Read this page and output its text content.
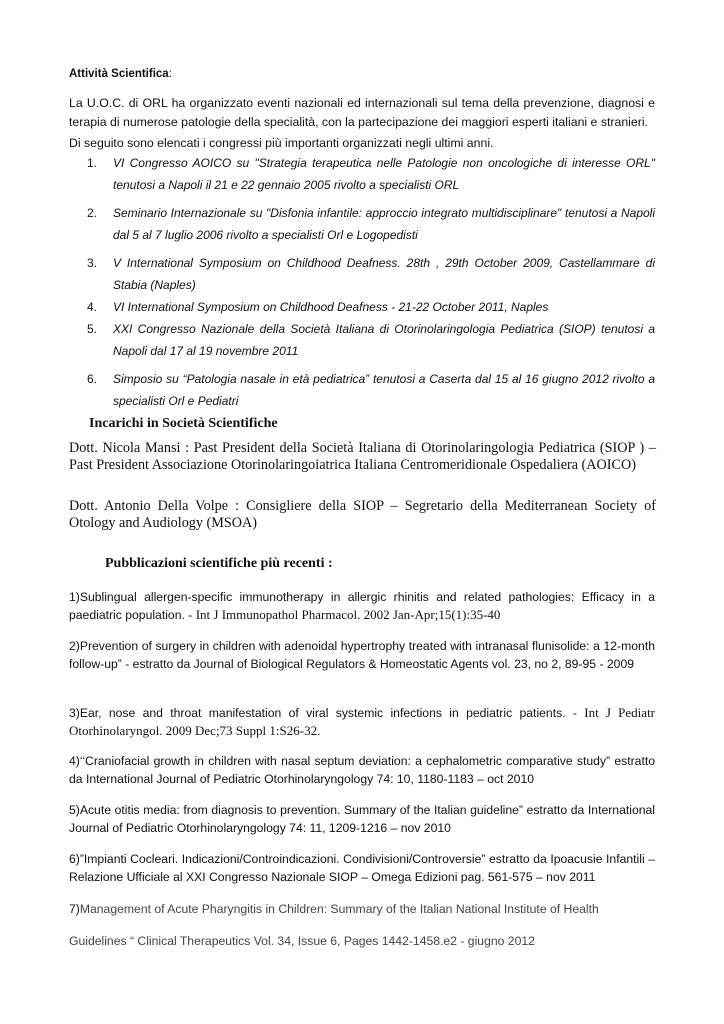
Attività Scientifica:
La U.O.C. di ORL ha organizzato eventi nazionali ed internazionali sul tema della prevenzione, diagnosi e terapia di numerose patologie della specialità, con la partecipazione dei maggiori esperti italiani e stranieri.
Di seguito sono elencati i congressi più importanti organizzati negli ultimi anni.
1. VI Congresso AOICO su "Strategia terapeutica nelle Patologie non oncologiche di interesse ORL" tenutosi a Napoli il 21 e 22 gennaio 2005 rivolto a specialisti ORL
2. Seminario Internazionale su "Disfonia infantile: approccio integrato multidisciplinare" tenutosi a Napoli dal 5 al 7 luglio 2006 rivolto a specialisti Orl e Logopedisti
3. V International Symposium on Childhood Deafness. 28th , 29th October 2009, Castellammare di Stabia (Naples)
4. VI International Symposium on Childhood Deafness - 21-22 October 2011, Naples
5. XXI Congresso Nazionale della Società Italiana di Otorinolaringologia Pediatrica (SIOP) tenutosi a Napoli dal 17 al 19 novembre 2011
6. Simposio su “Patologia nasale in età pediatrica” tenutosi a Caserta dal 15 al 16 giugno 2012 rivolto a specialisti Orl e Pediatri
Incarichi in Società Scientifiche
Dott. Nicola Mansi : Past President della Società Italiana di Otorinolaringologia Pediatrica (SIOP ) – Past President Associazione Otorinolaringoiatrica Italiana Centromeridionale Ospedaliera (AOICO)
Dott. Antonio Della Volpe : Consigliere della SIOP – Segretario della Mediterranean Society of Otology and Audiology (MSOA)
Pubblicazioni scientifiche più recenti :
1)Sublingual allergen-specific immunotherapy in allergic rhinitis and related pathologies: Efficacy in a paediatric population. - Int J Immunopathol Pharmacol. 2002 Jan-Apr;15(1):35-40
2)Prevention of surgery in children with adenoidal hypertrophy treated with intranasal flunisolide: a 12-month follow-up” - estratto da Journal of Biological Regulators & Homeostatic Agents vol. 23, no 2, 89-95 - 2009
3)Ear, nose and throat manifestation of viral systemic infections in pediatric patients. - Int J Pediatr Otorhinolaryngol. 2009 Dec;73 Suppl 1:S26-32.
4)‘‘Craniofacial growth in children with nasal septum deviation: a cephalometric comparative study” estratto da International Journal of Pediatric Otorhinolaryngology 74: 10, 1180-1183 – oct 2010
5)Acute otitis media: from diagnosis to prevention. Summary of the Italian guideline” estratto da International Journal of Pediatric Otorhinolaryngology 74: 11, 1209-1216 – nov 2010
6)”Impianti Cocleari. Indicazioni/Controindicazioni. Condivisioni/Controversie” estratto da Ipoacusie Infantili – Relazione Ufficiale al XXI Congresso Nazionale SIOP – Omega Edizioni pag. 561-575 – nov 2011
7)Management of Acute Pharyngitis in Children: Summary of the Italian National Institute of Health
Guidelines “ Clinical Therapeutics Vol. 34, Issue 6, Pages 1442-1458.e2 - giugno 2012
